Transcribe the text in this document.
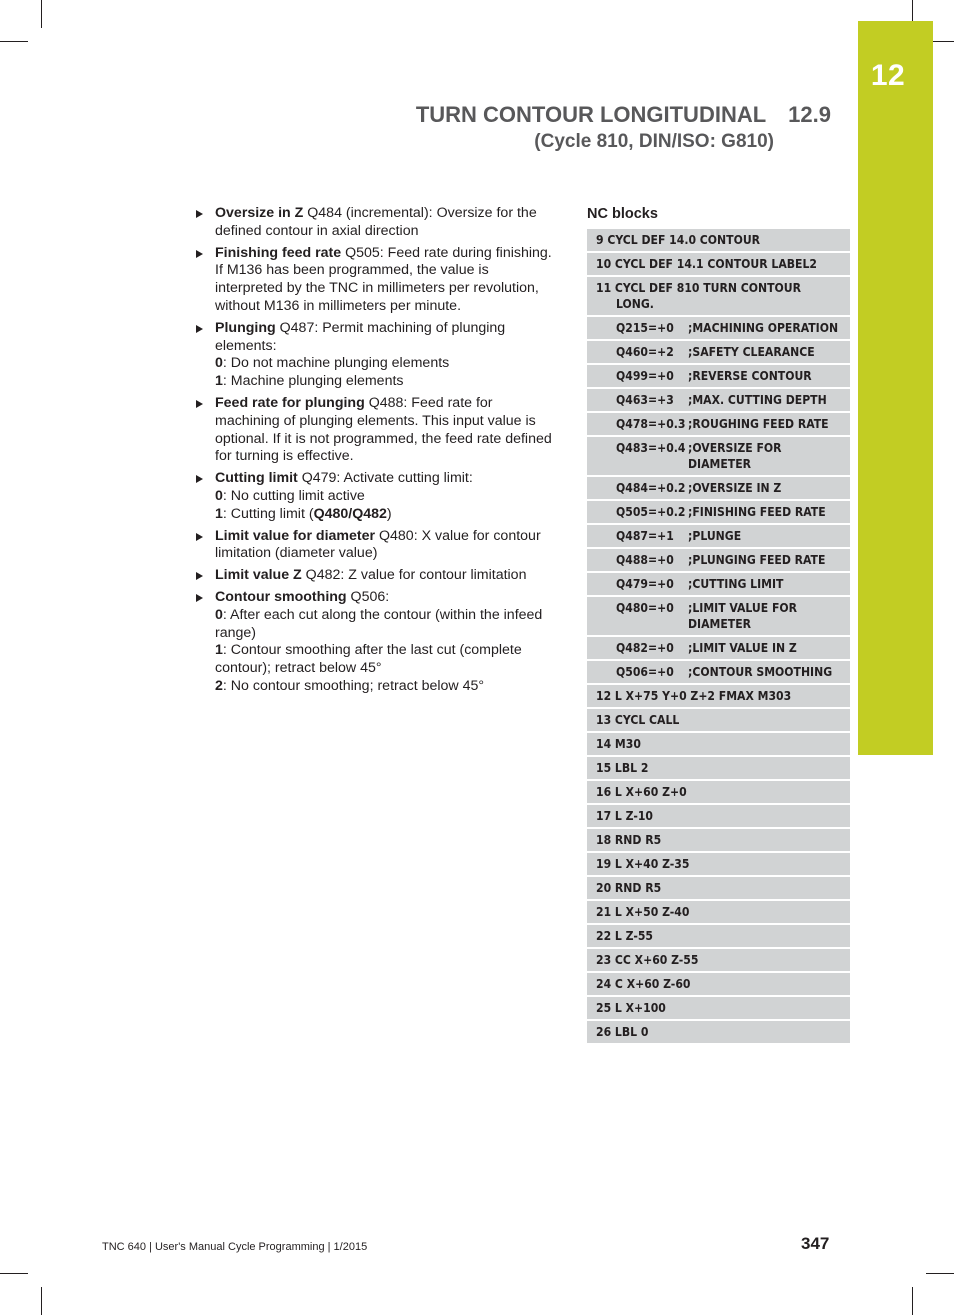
12
TURN CONTOUR LONGITUDINAL 12.9
(Cycle 810, DIN/ISO: G810)
Oversize in Z Q484 (incremental): Oversize for the defined contour in axial direction
Finishing feed rate Q505: Feed rate during finishing. If M136 has been programmed, the value is interpreted by the TNC in millimeters per revolution, without M136 in millimeters per minute.
Plunging Q487: Permit machining of plunging elements:
0: Do not machine plunging elements
1: Machine plunging elements
Feed rate for plunging Q488: Feed rate for machining of plunging elements. This input value is optional. If it is not programmed, the feed rate defined for turning is effective.
Cutting limit Q479: Activate cutting limit:
0: No cutting limit active
1: Cutting limit (Q480/Q482)
Limit value for diameter Q480: X value for contour limitation (diameter value)
Limit value Z Q482: Z value for contour limitation
Contour smoothing Q506:
0: After each cut along the contour (within the infeed range)
1: Contour smoothing after the last cut (complete contour); retract below 45°
2: No contour smoothing; retract below 45°
NC blocks
9 CYCL DEF 14.0 CONTOUR
10 CYCL DEF 14.1 CONTOUR LABEL2
11 CYCL DEF 810 TURN CONTOUR LONG.
Q215=+0	;MACHINING OPERATION
Q460=+2	;SAFETY CLEARANCE
Q499=+0	;REVERSE CONTOUR
Q463=+3	;MAX. CUTTING DEPTH
Q478=+0.3 ;ROUGHING FEED RATE
Q483=+0.4 ;OVERSIZE FOR DIAMETER
Q484=+0.2 ;OVERSIZE IN Z
Q505=+0.2 ;FINISHING FEED RATE
Q487=+1	;PLUNGE
Q488=+0	;PLUNGING FEED RATE
Q479=+0	;CUTTING LIMIT
Q480=+0	;LIMIT VALUE FOR DIAMETER
Q482=+0	;LIMIT VALUE IN Z
Q506=+0	;CONTOUR SMOOTHING
12 L X+75 Y+0 Z+2 FMAX M303
13 CYCL CALL
14 M30
15 LBL 2
16 L X+60 Z+0
17 L Z-10
18 RND R5
19 L X+40 Z-35
20 RND R5
21 L X+50 Z-40
22 L Z-55
23 CC X+60 Z-55
24 C X+60 Z-60
25 L X+100
26 LBL 0
TNC 640 | User's Manual Cycle Programming | 1/2015	347
